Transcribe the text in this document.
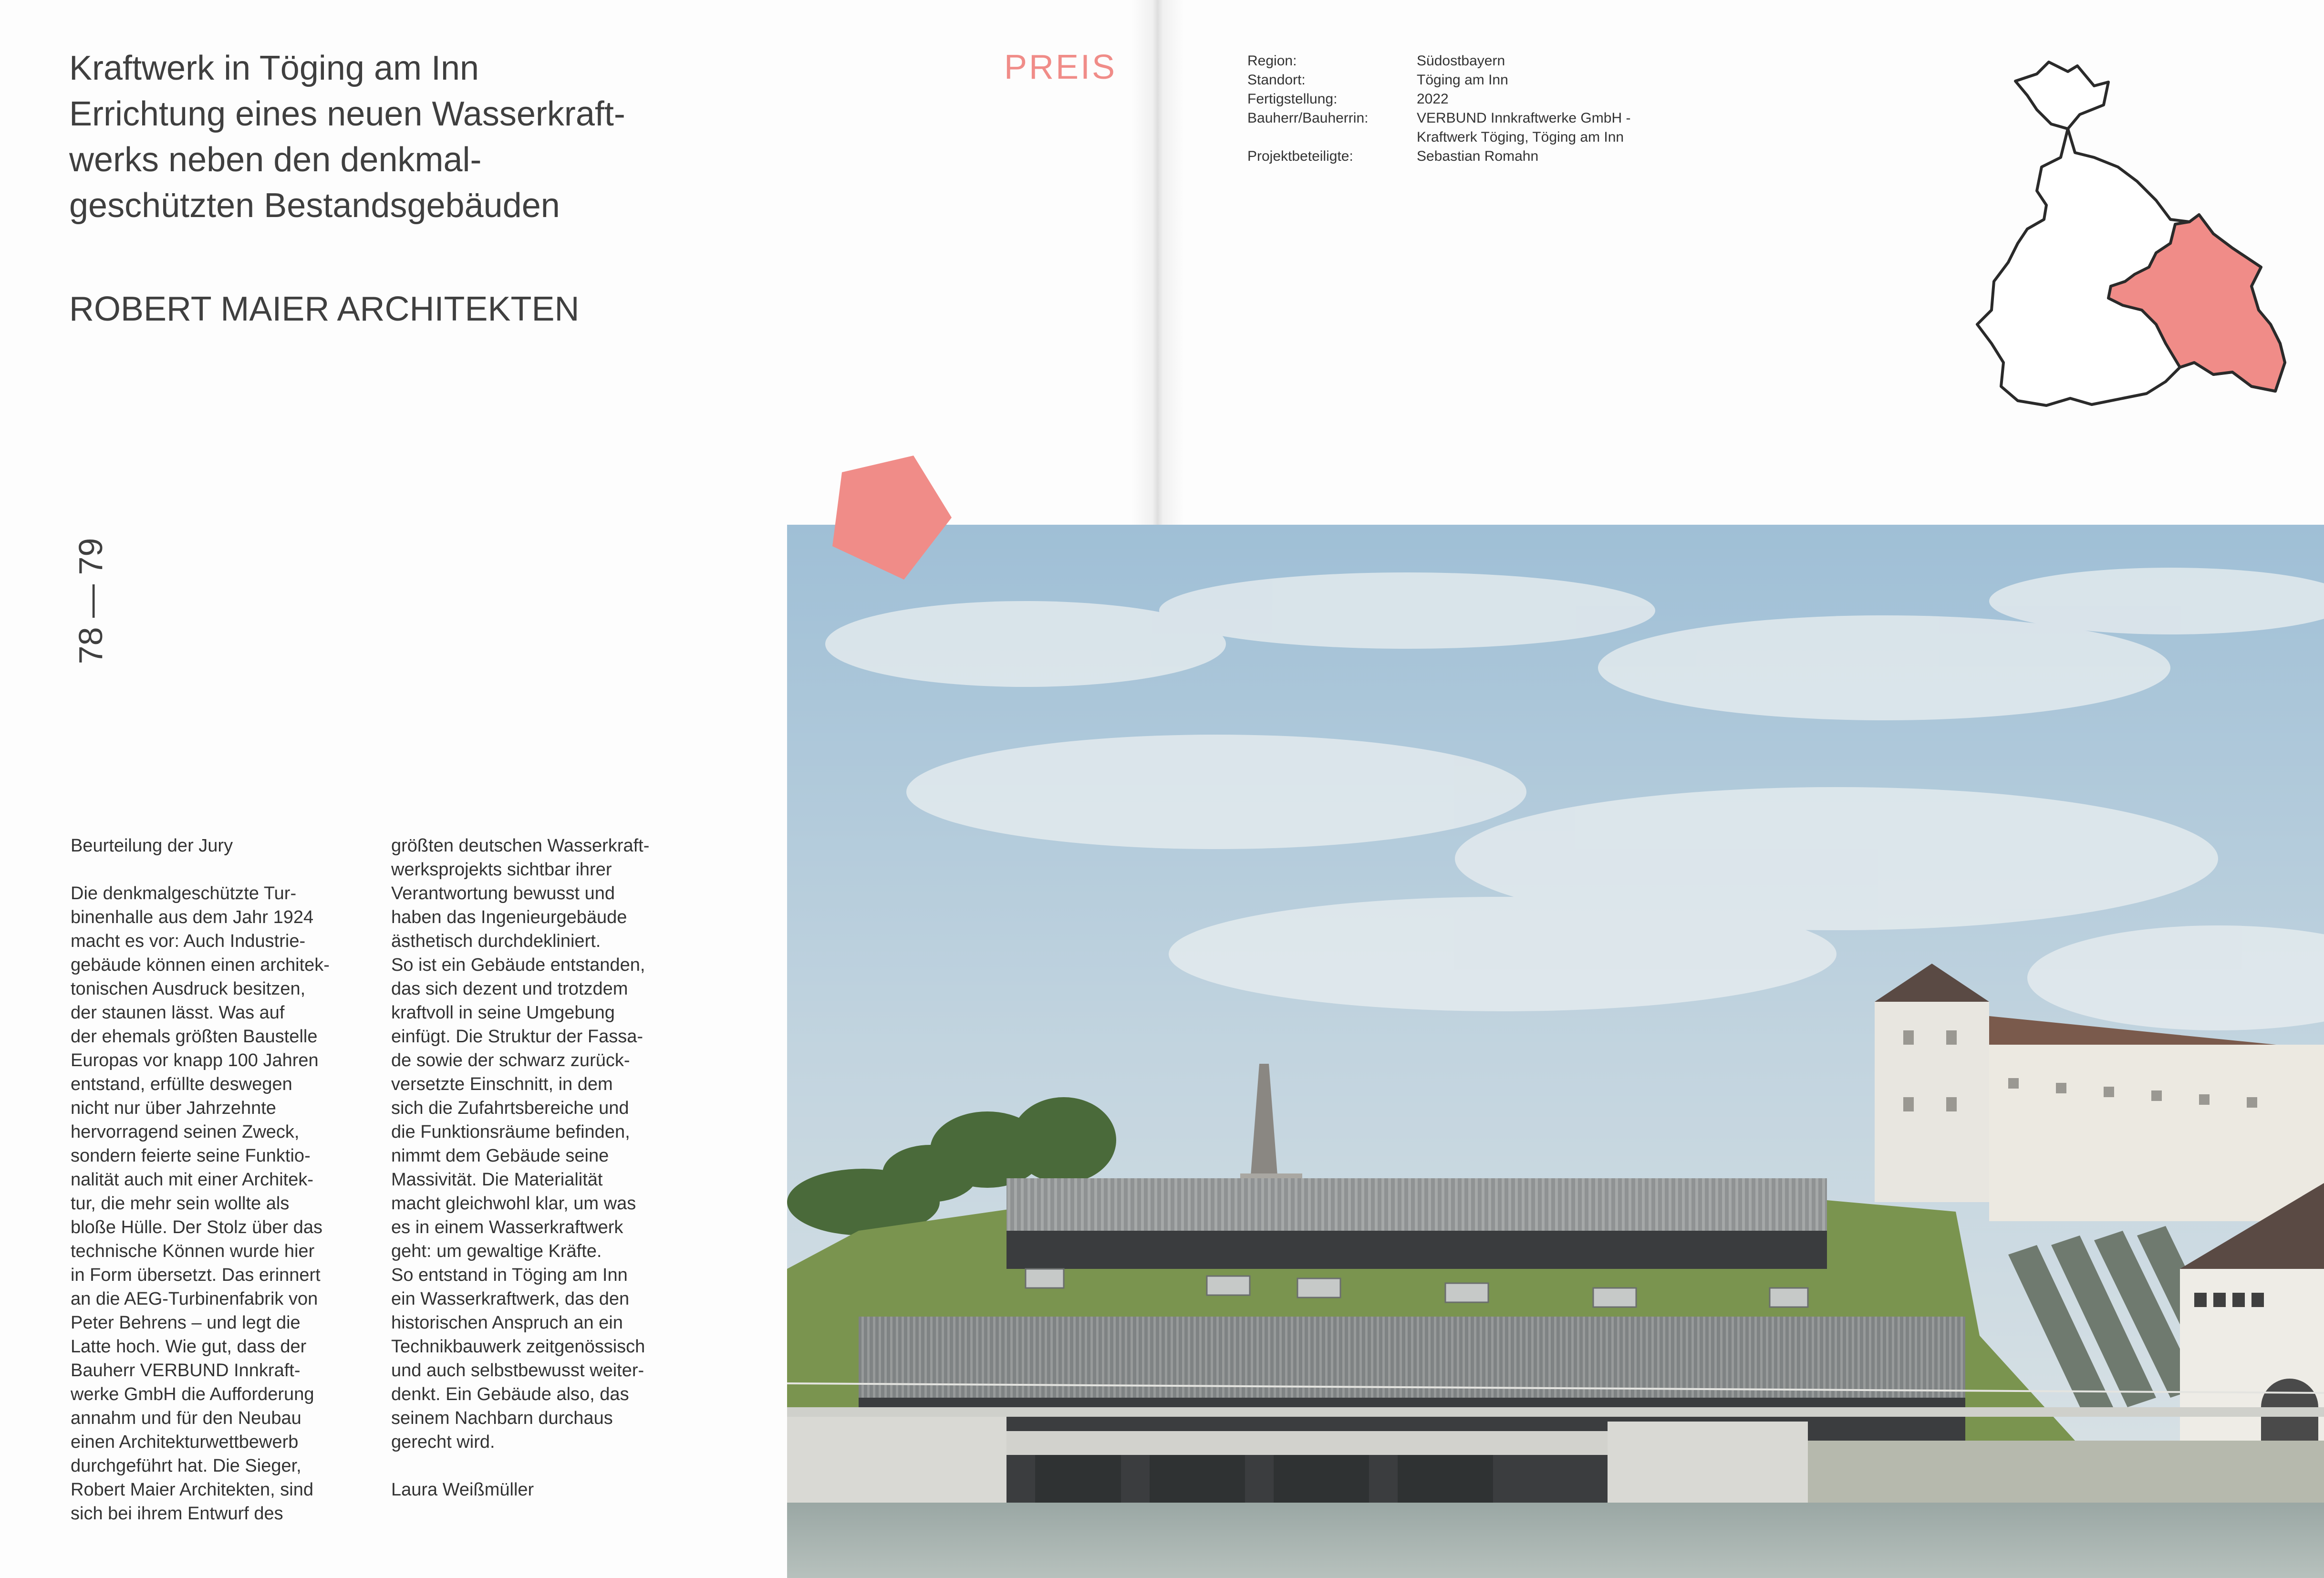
Kraftwerk in Töging am Inn
Errichtung eines neuen Wasserkraft-
werks neben den denkmal-
geschützten Bestandsgebäuden
ROBERT MAIER ARCHITEKTEN
PREIS
78 — 79

Beurteilung der Jury

Die denkmalgeschützte Tur-

binenhalle aus dem Jahr 1924

macht es vor: Auch Industrie-

gebäude können einen architek-

tonischen Ausdruck besitzen,

der staunen lässt. Was auf

der ehemals größten Baustelle

Europas vor knapp 100 Jahren

entstand, erfüllte deswegen

nicht nur über Jahrzehnte

hervorragend seinen Zweck,

sondern feierte seine Funktio-

nalität auch mit einer Architek-

tur, die mehr sein wollte als

bloße Hülle. Der Stolz über das

technische Können wurde hier

in Form übersetzt. Das erinnert

an die AEG-Turbinenfabrik von

Peter Behrens – und legt die

Latte hoch. Wie gut, dass der

Bauherr VERBUND Innkraft-

werke GmbH die Aufforderung

annahm und für den Neubau

einen Architekturwettbewerb

durchgeführt hat. Die Sieger,

Robert Maier Architekten, sind

sich bei ihrem Entwurf des

größten deutschen Wasserkraft-

werksprojekts sichtbar ihrer

Verantwortung bewusst und

haben das Ingenieurgebäude

ästhetisch durchdekliniert.

So ist ein Gebäude entstanden,

das sich dezent und trotzdem

kraftvoll in seine Umgebung

einfügt. Die Struktur der Fassa-

de sowie der schwarz zurück-

versetzte Einschnitt, in dem

sich die Zufahrtsbereiche und

die Funktionsräume befinden,

nimmt dem Gebäude seine

Massivität. Die Materialität

macht gleichwohl klar, um was

es in einem Wasserkraftwerk

geht: um gewaltige Kräfte.

So entstand in Töging am Inn

ein Wasserkraftwerk, das den

historischen Anspruch an ein

Technikbauwerk zeitgenössisch

und auch selbstbewusst weiter-

denkt. Ein Gebäude also, das

seinem Nachbarn durchaus

gerecht wird.

Laura Weißmüller

Region:	Südostbayern
Standort:	Töging am Inn
Fertigstellung:	2022
Bauherr/Bauherrin:	VERBUND Innkraftwerke GmbH -
Kraftwerk Töging, Töging am Inn
Projektbeteiligte:	Sebastian Romahn
